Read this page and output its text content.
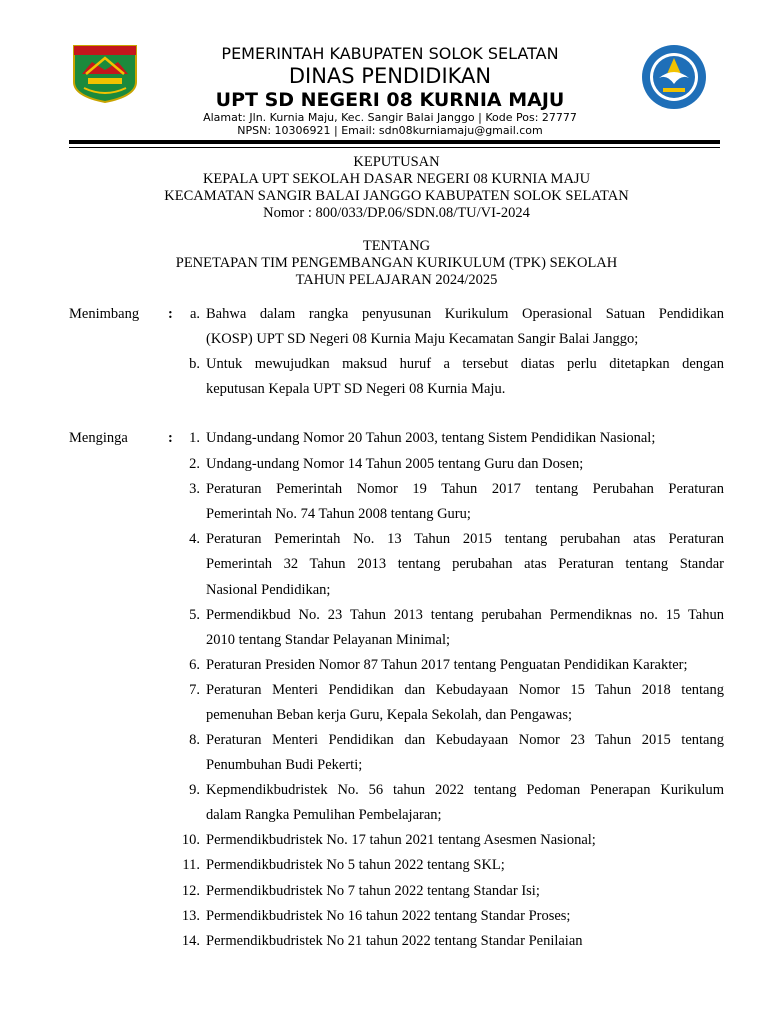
PEMERINTAH KABUPATEN SOLOK SELATAN
DINAS PENDIDIKAN
UPT SD NEGERI 08 KURNIA MAJU
Alamat: Jln. Kurnia Maju, Kec. Sangir Balai Janggo | Kode Pos: 27777
NPSN: 10306921 | Email: sdn08kurniamaju@gmail.com
KEPUTUSAN
KEPALA UPT SEKOLAH DASAR NEGERI 08 KURNIA MAJU
KECAMATAN SANGIR BALAI JANGGO KABUPATEN SOLOK SELATAN
Nomor : 800/033/DP.06/SDN.08/TU/VI-2024
TENTANG
PENETAPAN TIM PENGEMBANGAN KURIKULUM (TPK) SEKOLAH
TAHUN PELAJARAN 2024/2025
Menimbang :	a. Bahwa dalam rangka penyusunan Kurikulum Operasional Satuan Pendidikan
(KOSP) UPT SD Negeri 08 Kurnia Maju Kecamatan Sangir Balai Janggo;
b. Untuk mewujudkan maksud huruf a tersebut diatas perlu ditetapkan dengan
keputusan Kepala UPT SD Negeri 08 Kurnia Maju.
Menginga	:	1. Undang-undang Nomor 20 Tahun 2003, tentang Sistem Pendidikan Nasional;
2. Undang-undang Nomor 14 Tahun 2005 tentang Guru dan Dosen;
3. Peraturan Pemerintah Nomor 19 Tahun 2017 tentang Perubahan Peraturan
Pemerintah No. 74 Tahun 2008 tentang Guru;
4. Peraturan Pemerintah No. 13 Tahun 2015 tentang perubahan atas Peraturan
Pemerintah 32 Tahun 2013 tentang perubahan atas Peraturan tentang Standar
Nasional Pendidikan;
5. Permendikbud No. 23 Tahun 2013 tentang perubahan Permendiknas no. 15 Tahun
2010 tentang Standar Pelayanan Minimal;
6. Peraturan Presiden Nomor 87 Tahun 2017 tentang Penguatan Pendidikan Karakter;
7. Peraturan Menteri Pendidikan dan Kebudayaan Nomor 15 Tahun 2018 tentang
pemenuhan Beban kerja Guru, Kepala Sekolah, dan Pengawas;
8. Peraturan Menteri Pendidikan dan Kebudayaan Nomor 23 Tahun 2015 tentang
Penumbuhan Budi Pekerti;
9. Kepmendikbudristek No. 56 tahun 2022 tentang Pedoman Penerapan Kurikulum
dalam Rangka Pemulihan Pembelajaran;
10. Permendikbudristek No. 17 tahun 2021 tentang Asesmen Nasional;
11. Permendikbudristek No 5 tahun 2022 tentang SKL;
12. Permendikbudristek No 7 tahun 2022 tentang Standar Isi;
13. Permendikbudristek No 16 tahun 2022 tentang Standar Proses;
14. Permendikbudristek No 21 tahun 2022 tentang Standar Penilaian
